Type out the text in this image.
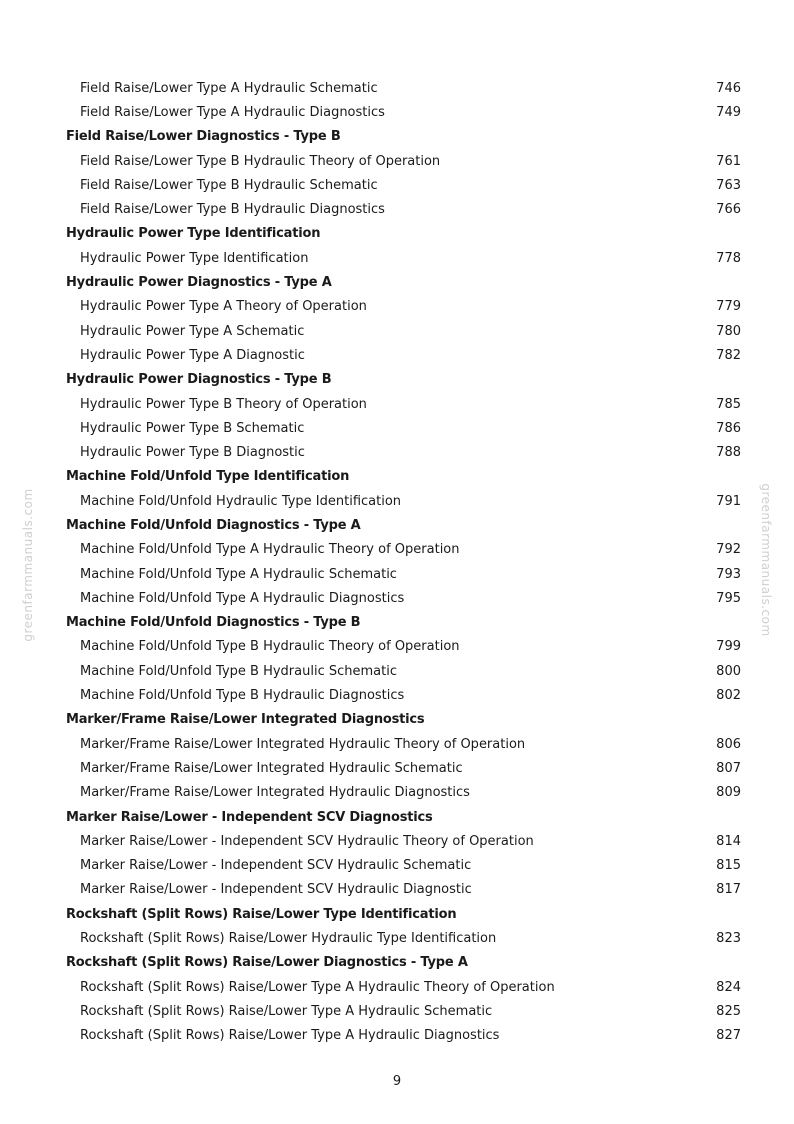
Field Raise/Lower Type A Hydraulic Schematic	746
Field Raise/Lower Type A Hydraulic Diagnostics	749
Field Raise/Lower Diagnostics - Type B
Field Raise/Lower Type B Hydraulic Theory of Operation	761
Field Raise/Lower Type B Hydraulic Schematic	763
Field Raise/Lower Type B Hydraulic Diagnostics	766
Hydraulic Power Type Identification
Hydraulic Power Type Identification	778
Hydraulic Power Diagnostics - Type A
Hydraulic Power Type A Theory of Operation	779
Hydraulic Power Type A Schematic	780
Hydraulic Power Type A Diagnostic	782
Hydraulic Power Diagnostics - Type B
Hydraulic Power Type B Theory of Operation	785
Hydraulic Power Type B Schematic	786
Hydraulic Power Type B Diagnostic	788
Machine Fold/Unfold Type Identification
Machine Fold/Unfold Hydraulic Type Identification	791
Machine Fold/Unfold Diagnostics - Type A
Machine Fold/Unfold Type A Hydraulic Theory of Operation	792
Machine Fold/Unfold Type A Hydraulic Schematic	793
Machine Fold/Unfold Type A Hydraulic Diagnostics	795
Machine Fold/Unfold Diagnostics - Type B
Machine Fold/Unfold Type B Hydraulic Theory of Operation	799
Machine Fold/Unfold Type B Hydraulic Schematic	800
Machine Fold/Unfold Type B Hydraulic Diagnostics	802
Marker/Frame Raise/Lower Integrated Diagnostics
Marker/Frame Raise/Lower Integrated Hydraulic Theory of Operation	806
Marker/Frame Raise/Lower Integrated Hydraulic Schematic	807
Marker/Frame Raise/Lower Integrated Hydraulic Diagnostics	809
Marker Raise/Lower - Independent SCV Diagnostics
Marker Raise/Lower - Independent SCV Hydraulic Theory of Operation	814
Marker Raise/Lower - Independent SCV Hydraulic Schematic	815
Marker Raise/Lower - Independent SCV Hydraulic Diagnostic	817
Rockshaft (Split Rows) Raise/Lower Type Identification
Rockshaft (Split Rows) Raise/Lower Hydraulic Type Identification	823
Rockshaft (Split Rows) Raise/Lower Diagnostics - Type A
Rockshaft (Split Rows) Raise/Lower Type A Hydraulic Theory of Operation	824
Rockshaft (Split Rows) Raise/Lower Type A Hydraulic Schematic	825
Rockshaft (Split Rows) Raise/Lower Type A Hydraulic Diagnostics	827
greenfarmmanuals.com	greenfarmmanuals.com
9
